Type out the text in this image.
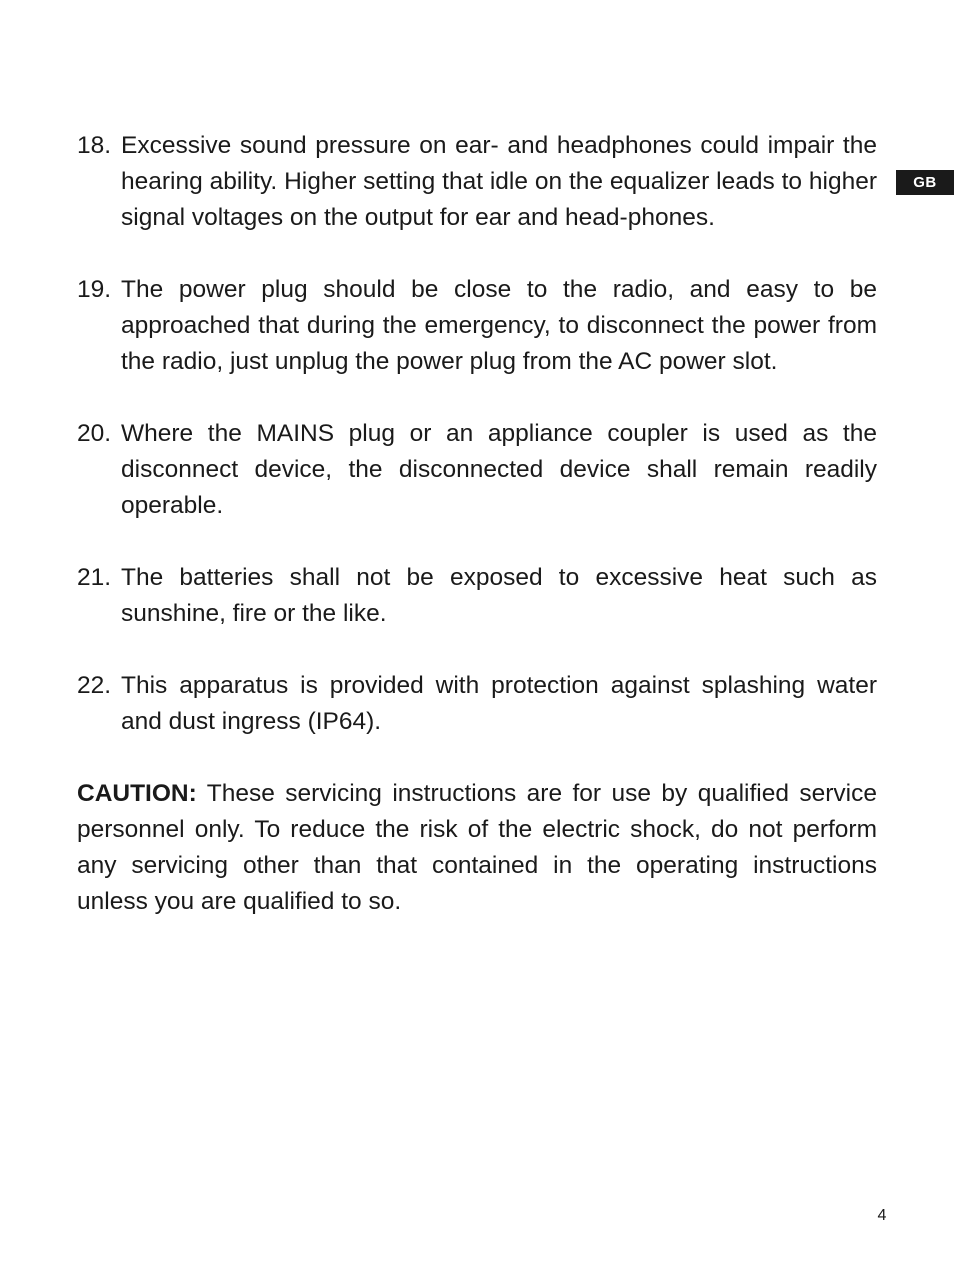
GB
18. Excessive sound pressure on ear- and headphones could impair the hearing ability. Higher setting that idle on the equalizer leads to higher signal voltages on the output for ear and head-phones.
19. The power plug should be close to the radio, and easy to be approached that during the emergency, to disconnect the power from the radio, just unplug the power plug from the AC power slot.
20. Where the MAINS plug or an appliance coupler is used as the disconnect device, the disconnected device shall remain readily operable.
21. The batteries shall not be exposed to excessive heat such as sunshine, fire or the like.
22. This apparatus is provided with protection against splashing water and dust ingress (IP64).

CAUTION: These servicing instructions are for use by qualified service personnel only. To reduce the risk of the electric shock, do not perform any servicing other than that contained in the operating instructions unless you are qualified to so.

4
